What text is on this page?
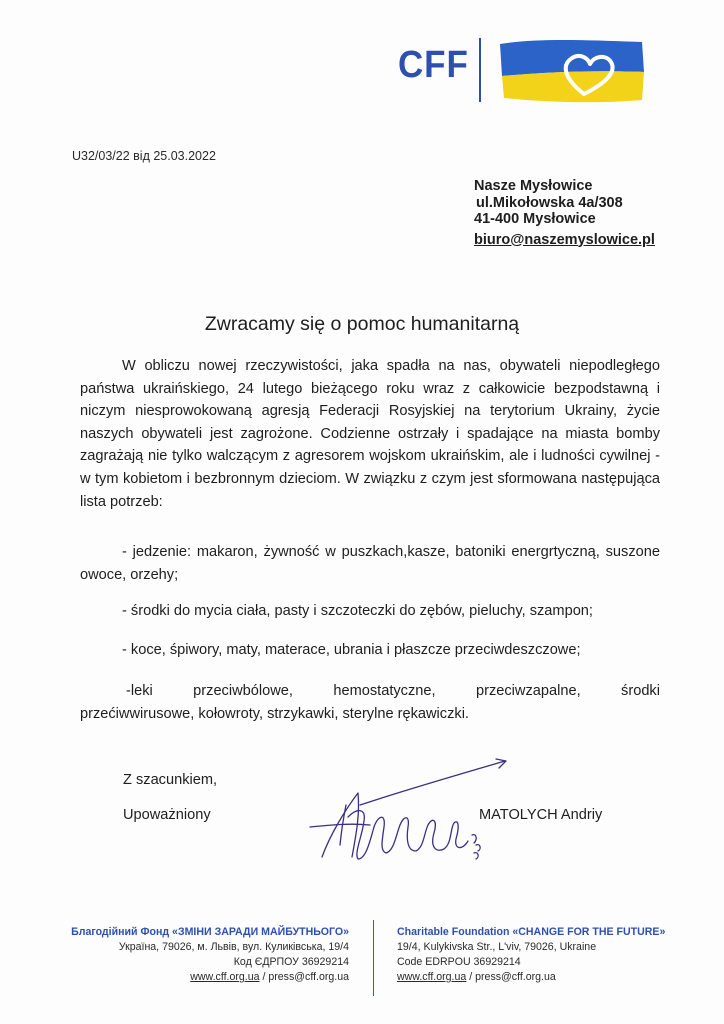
CFF
U32/03/22 від 25.03.2022
Nasze Mysłowice
ul.Mikołowska 4a/308
41-400 Mysłowice
biuro@naszemyslowice.pl
Zwracamy się o pomoc humanitarną
W obliczu nowej rzeczywistości, jaka spadła na nas, obywateli niepodległego państwa ukraińskiego, 24 lutego bieżącego roku wraz z całkowicie bezpodstawną i niczym niesprowokowaną agresją Federacji Rosyjskiej na terytorium Ukrainy, życie naszych obywateli jest zagrożone. Codzienne ostrzały i spadające na miasta bomby zagrażają nie tylko walczącym z agresorem wojskom ukraińskim, ale i ludności cywilnej - w tym kobietom i bezbronnym dzieciom. W związku z czym jest sformowana następująca lista potrzeb:
- jedzenie: makaron, żywność w puszkach,kasze, batoniki energrtyczną, suszone owoce, orzehy;
- środki do mycia ciała, pasty i szczoteczki do zębów, pieluchy, szampon;
- koce, śpiwory, maty, materace, ubrania i płaszcze przeciwdeszczowe;
-leki	przeciwbólowe,	hemostatyczne,	przeciwzapalne,	środki
przećiwwirusowe, kołowroty, strzykawki, sterylne rękawiczki.
Z szacunkiem,
Upoważniony	MATOLYCH Andriy
Благодійний Фонд «ЗМІНИ ЗАРАДИ МАЙБУТНЬОГО»
Україна, 79026, м. Львів, вул. Куликівська, 19/4
Код ЄДРПОУ 36929214
www.cff.org.ua / press@cff.org.ua
Charitable Foundation «CHANGE FOR THE FUTURE»
19/4, Kulykivska Str., L'viv, 79026, Ukraine
Code EDRPOU 36929214
www.cff.org.ua / press@cff.org.ua
